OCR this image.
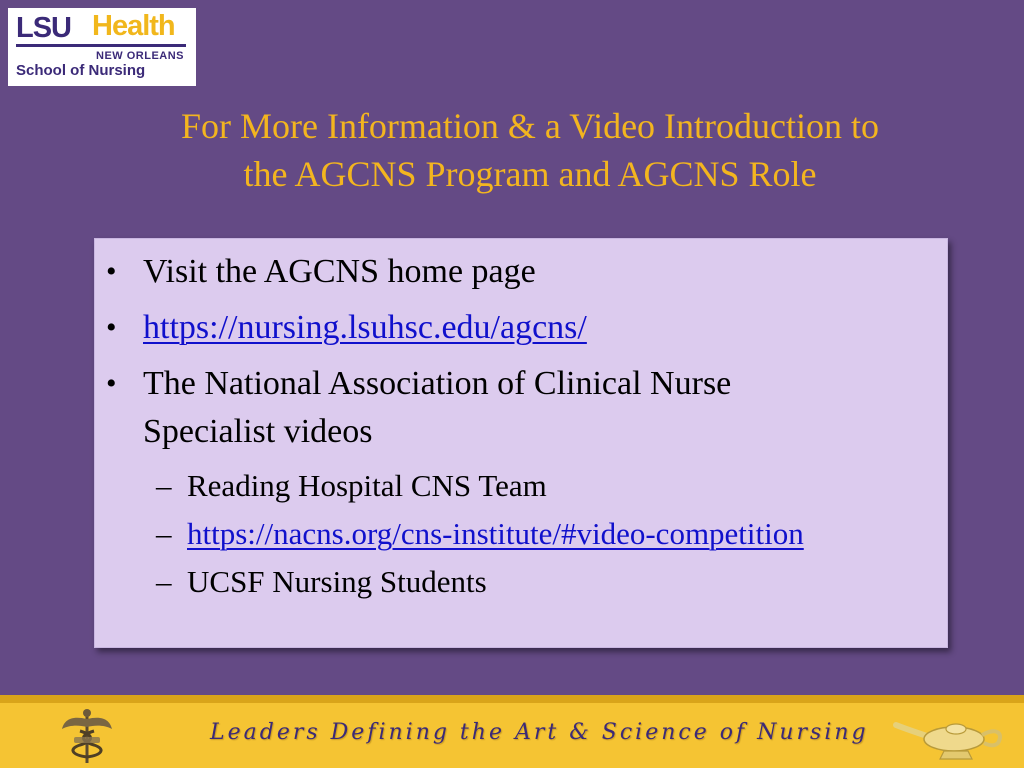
LSU Health
NEW ORLEANS
School of Nursing
For More Information & a Video Introduction to
the AGCNS Program and AGCNS Role
• Visit the AGCNS home page
• https://nursing.lsuhsc.edu/agcns/
• The National Association of Clinical Nurse
Specialist videos
– Reading Hospital CNS Team
– https://nacns.org/cns-institute/#video-competition
– UCSF Nursing Students
Leaders Defining the Art & Science of Nursing
